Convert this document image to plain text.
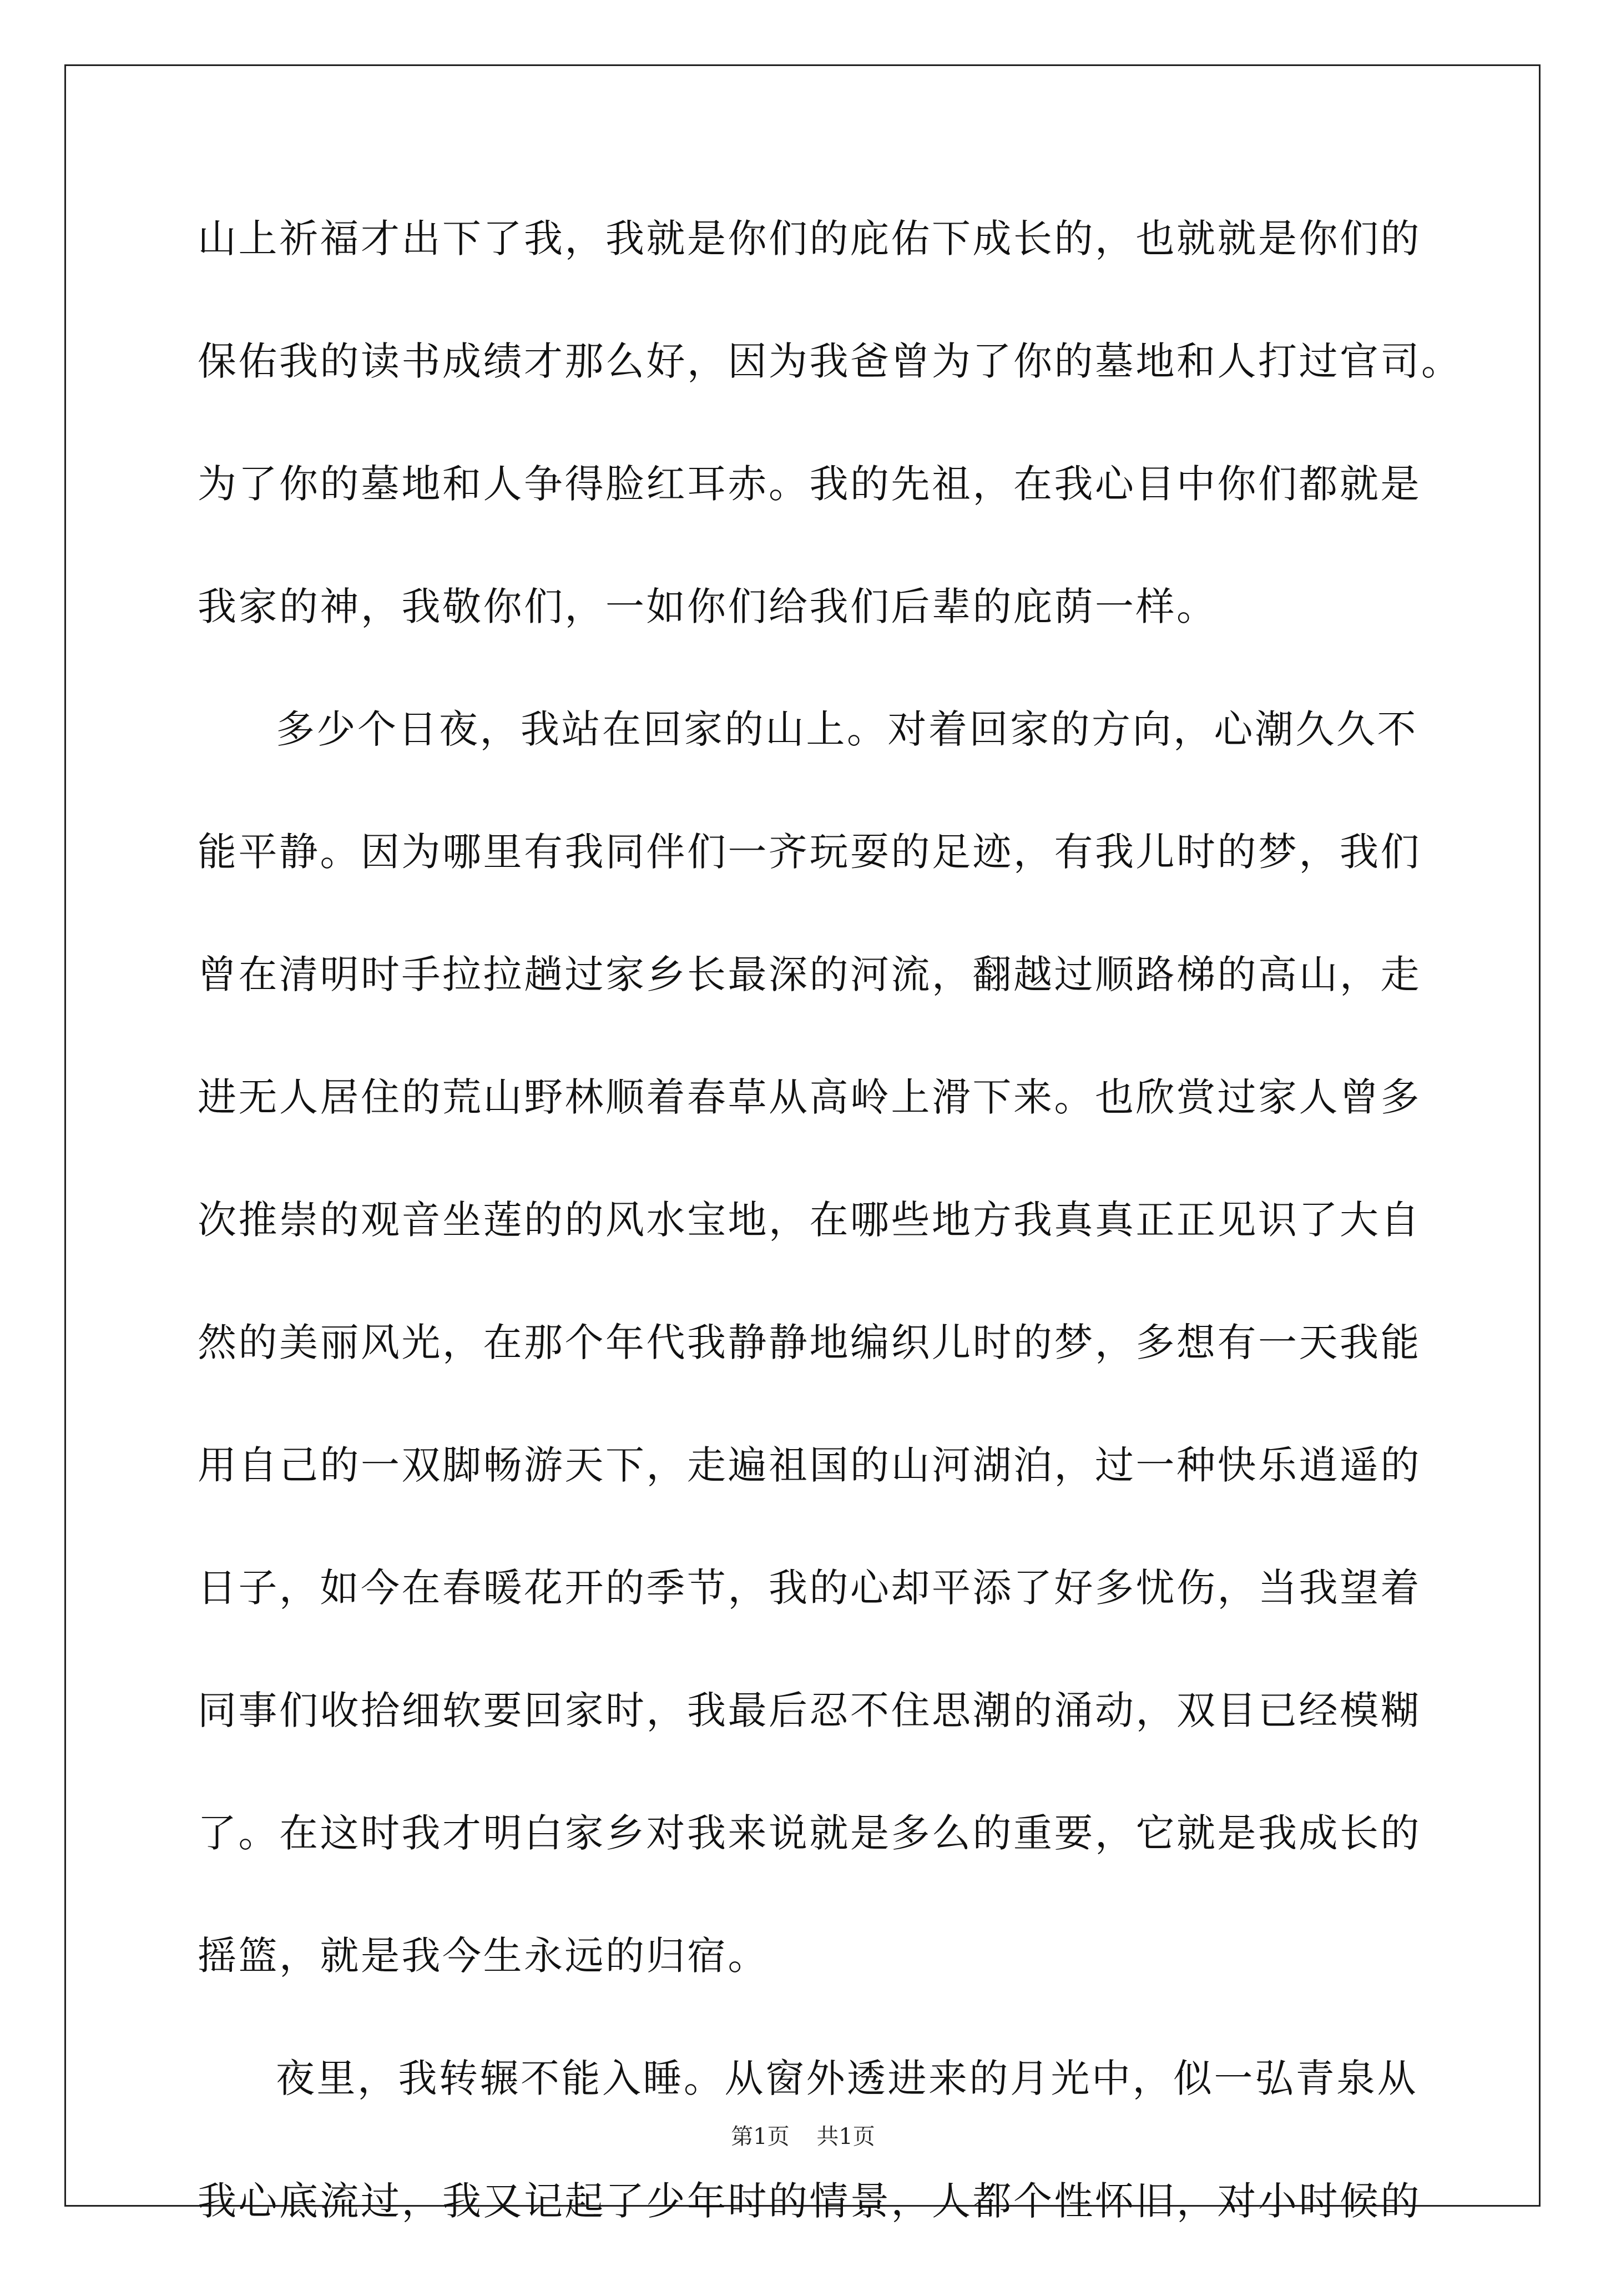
山上祈福才出下了我，我就是你们的庇佑下成长的，也就就是你们的
保佑我的读书成绩才那么好，因为我爸曾为了你的墓地和人打过官司。
为了你的墓地和人争得脸红耳赤。我的先祖，在我心目中你们都就是
我家的神，我敬你们，一如你们给我们后辈的庇荫一样。
多少个日夜，我站在回家的山上。对着回家的方向，心潮久久不
能平静。因为哪里有我同伴们一齐玩耍的足迹，有我儿时的梦，我们
曾在清明时手拉拉趟过家乡长最深的河流，翻越过顺路梯的高山，走
进无人居住的荒山野林顺着春草从高岭上滑下来。也欣赏过家人曾多
次推崇的观音坐莲的的风水宝地，在哪些地方我真真正正见识了大自
然的美丽风光，在那个年代我静静地编织儿时的梦，多想有一天我能
用自己的一双脚畅游天下，走遍祖国的山河湖泊，过一种快乐逍遥的
日子，如今在春暖花开的季节，我的心却平添了好多忧伤，当我望着
同事们收拾细软要回家时，我最后忍不住思潮的涌动，双目已经模糊
了。在这时我才明白家乡对我来说就是多么的重要，它就是我成长的
摇篮，就是我今生永远的归宿。
夜里，我转辗不能入睡。从窗外透进来的月光中，似一弘青泉从
我心底流过，我又记起了少年时的情景，人都个性怀旧，对小时候的
第1页 共1页
